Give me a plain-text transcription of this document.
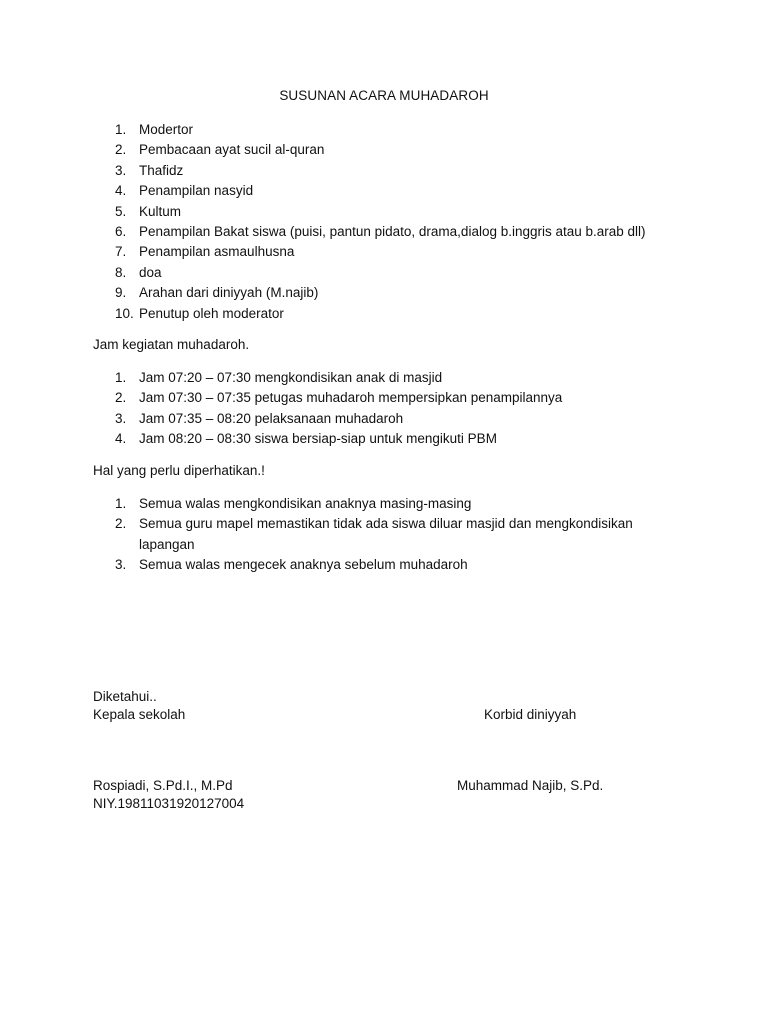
SUSUNAN ACARA MUHADAROH
1. Modertor
2. Pembacaan ayat sucil al-quran
3. Thafidz
4. Penampilan nasyid
5. Kultum
6. Penampilan Bakat siswa (puisi, pantun pidato, drama,dialog b.inggris atau b.arab dll)
7. Penampilan asmaulhusna
8. doa
9. Arahan dari diniyyah (M.najib)
10. Penutup oleh moderator
Jam kegiatan muhadaroh.
1. Jam 07:20 – 07:30 mengkondisikan anak di masjid
2. Jam 07:30 – 07:35 petugas muhadaroh mempersipkan penampilannya
3. Jam 07:35 – 08:20 pelaksanaan muhadaroh
4. Jam 08:20 – 08:30 siswa bersiap-siap untuk mengikuti PBM
Hal yang perlu diperhatikan.!
1. Semua walas mengkondisikan anaknya masing-masing
2. Semua guru mapel memastikan tidak ada siswa diluar masjid dan mengkondisikan lapangan
3. Semua walas mengecek anaknya sebelum muhadaroh
Diketahui..
Kepala sekolah	Korbid diniyyah
Rospiadi, S.Pd.I., M.Pd	Muhammad Najib, S.Pd.
NIY.19811031920127004
